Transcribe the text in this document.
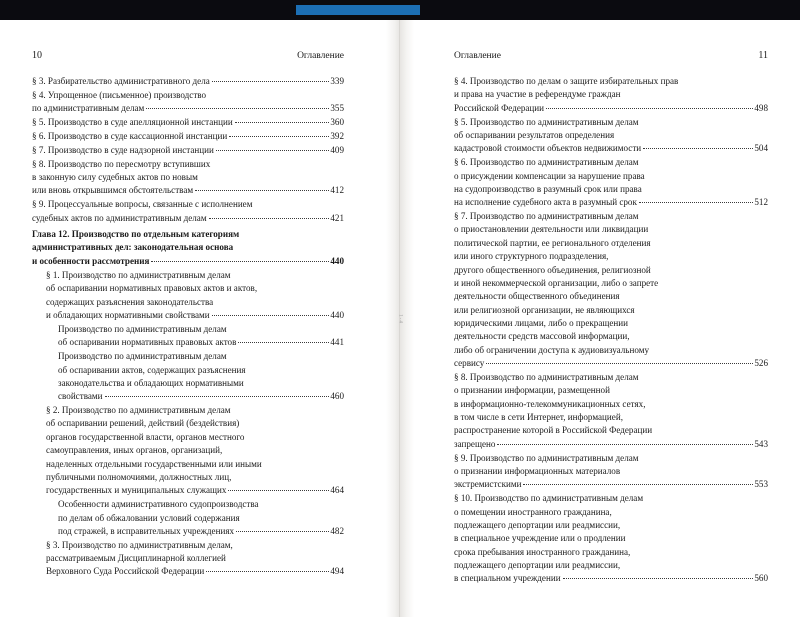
10	Оглавление
§ 3. Разбирательство административного дела	339
§ 4. Упрощенное (письменное) производство
по административным делам	355
§ 5. Производство в суде апелляционной инстанции	360
§ 6. Производство в суде кассационной инстанции	392
§ 7. Производство в суде надзорной инстанции	409
§ 8. Производство по пересмотру вступивших
в законную силу судебных актов по новым
или вновь открывшимся обстоятельствам	412
§ 9. Процессуальные вопросы, связанные с исполнением
судебных актов по административным делам	421
Глава 12. Производство по отдельным категориям
административных дел: законодательная основа
и особенности рассмотрения	440
§ 1. Производство по административным делам
об оспаривании нормативных правовых актов и актов,
содержащих разъяснения законодательства
и обладающих нормативными свойствами	440
Производство по административным делам
об оспаривании нормативных правовых актов	441
Производство по административным делам
об оспаривании актов, содержащих разъяснения
законодательства и обладающих нормативными
свойствами	460
§ 2. Производство по административным делам
об оспаривании решений, действий (бездействия)
органов государственной власти, органов местного
самоуправления, иных органов, организаций,
наделенных отдельными государственными или иными
публичными полномочиями, должностных лиц,
государственных и муниципальных служащих	464
Особенности административного судопроизводства
по делам об обжаловании условий содержания
под стражей, в исправительных учреждениях	482
§ 3. Производство по административным делам,
рассматриваемым Дисциплинарной коллегией
Верховного Суда Российской Федерации	494
1-4
Оглавление	11
§ 4. Производство по делам о защите избирательных прав
и права на участие в референдуме граждан
Российской Федерации	498
§ 5. Производство по административным делам
об оспаривании результатов определения
кадастровой стоимости объектов недвижимости	504
§ 6. Производство по административным делам
о присуждении компенсации за нарушение права
на судопроизводство в разумный срок или права
на исполнение судебного акта в разумный срок	512
§ 7. Производство по административным делам
о приостановлении деятельности или ликвидации
политической партии, ее регионального отделения
или иного структурного подразделения,
другого общественного объединения, религиозной
и иной некоммерческой организации, либо о запрете
деятельности общественного объединения
или религиозной организации, не являющихся
юридическими лицами, либо о прекращении
деятельности средств массовой информации,
либо об ограничении доступа к аудиовизуальному
сервису	526
§ 8. Производство по административным делам
о признании информации, размещенной
в информационно-телекоммуникационных сетях,
в том числе в сети Интернет, информацией,
распространение которой в Российской Федерации
запрещено	543
§ 9. Производство по административным делам
о признании информационных материалов
экстремистскими	553
§ 10. Производство по административным делам
о помещении иностранного гражданина,
подлежащего депортации или реадмиссии,
в специальное учреждение или о продлении
срока пребывания иностранного гражданина,
подлежащего депортации или реадмиссии,
в специальном учреждении	560
